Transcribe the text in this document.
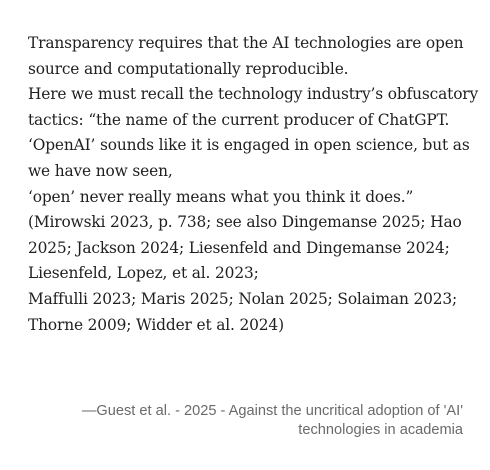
Transparency requires that the AI technologies are open
source and computationally reproducible.
Here we must recall the technology industry’s obfuscatory
tactics: “the name of the current producer of ChatGPT.
‘OpenAI’ sounds like it is engaged in open science, but as
we have now seen,
‘open’ never really means what you think it does.”
(Mirowski 2023, p. 738; see also Dingemanse 2025; Hao
2025; Jackson 2024; Liesenfeld and Dingemanse 2024;
Liesenfeld, Lopez, et al. 2023;
Maffulli 2023; Maris 2025; Nolan 2025; Solaiman 2023;
Thorne 2009; Widder et al. 2024)
—Guest et al. - 2025 - Against the uncritical adoption of 'AI'
technologies in academia
